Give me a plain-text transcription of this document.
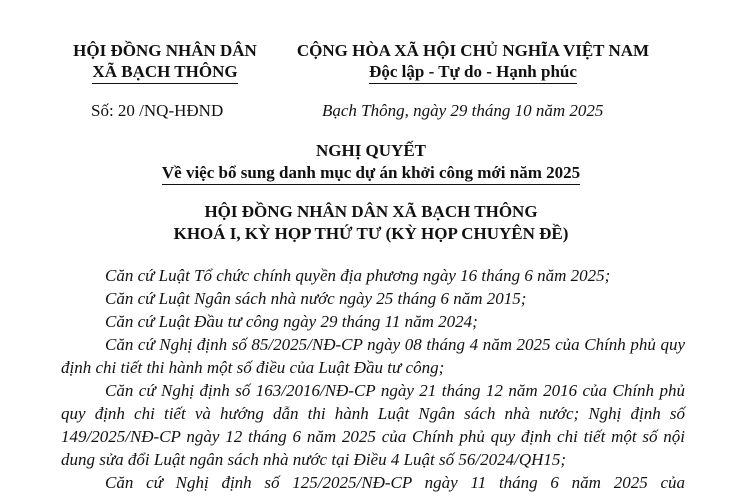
HỘI ĐỒNG NHÂN DÂN
XÃ BẠCH THÔNG
CỘNG HÒA XÃ HỘI CHỦ NGHĨA VIỆT NAM
Độc lập - Tự do - Hạnh phúc
Số: 20 /NQ-HĐND	Bạch Thông, ngày 29 tháng 10 năm 2025
NGHỊ QUYẾT
Về việc bổ sung danh mục dự án khởi công mới năm 2025
HỘI ĐỒNG NHÂN DÂN XÃ BẠCH THÔNG
KHOÁ I, KỲ HỌP THỨ TƯ (KỲ HỌP CHUYÊN ĐỀ)

Căn cứ Luật Tổ chức chính quyền địa phương ngày 16 tháng 6 năm 2025;

Căn cứ Luật Ngân sách nhà nước ngày 25 tháng 6 năm 2015;

Căn cứ Luật Đầu tư công ngày 29 tháng 11 năm 2024;

Căn cứ Nghị định số 85/2025/NĐ-CP ngày 08 tháng 4 năm 2025 của Chính phủ quy định chi tiết thi hành một số điều của Luật Đầu tư công;

Căn cứ Nghị định số 163/2016/NĐ-CP ngày 21 tháng 12 năm 2016 của Chính phủ quy định chi tiết và hướng dẫn thi hành Luật Ngân sách nhà nước; Nghị định số 149/2025/NĐ-CP ngày 12 tháng 6 năm 2025 của Chính phủ quy định chi tiết một số nội dung sửa đổi Luật ngân sách nhà nước tại Điều 4 Luật số 56/2024/QH15;

Căn cứ Nghị định số 125/2025/NĐ-CP ngày 11 tháng 6 năm 2025 của
